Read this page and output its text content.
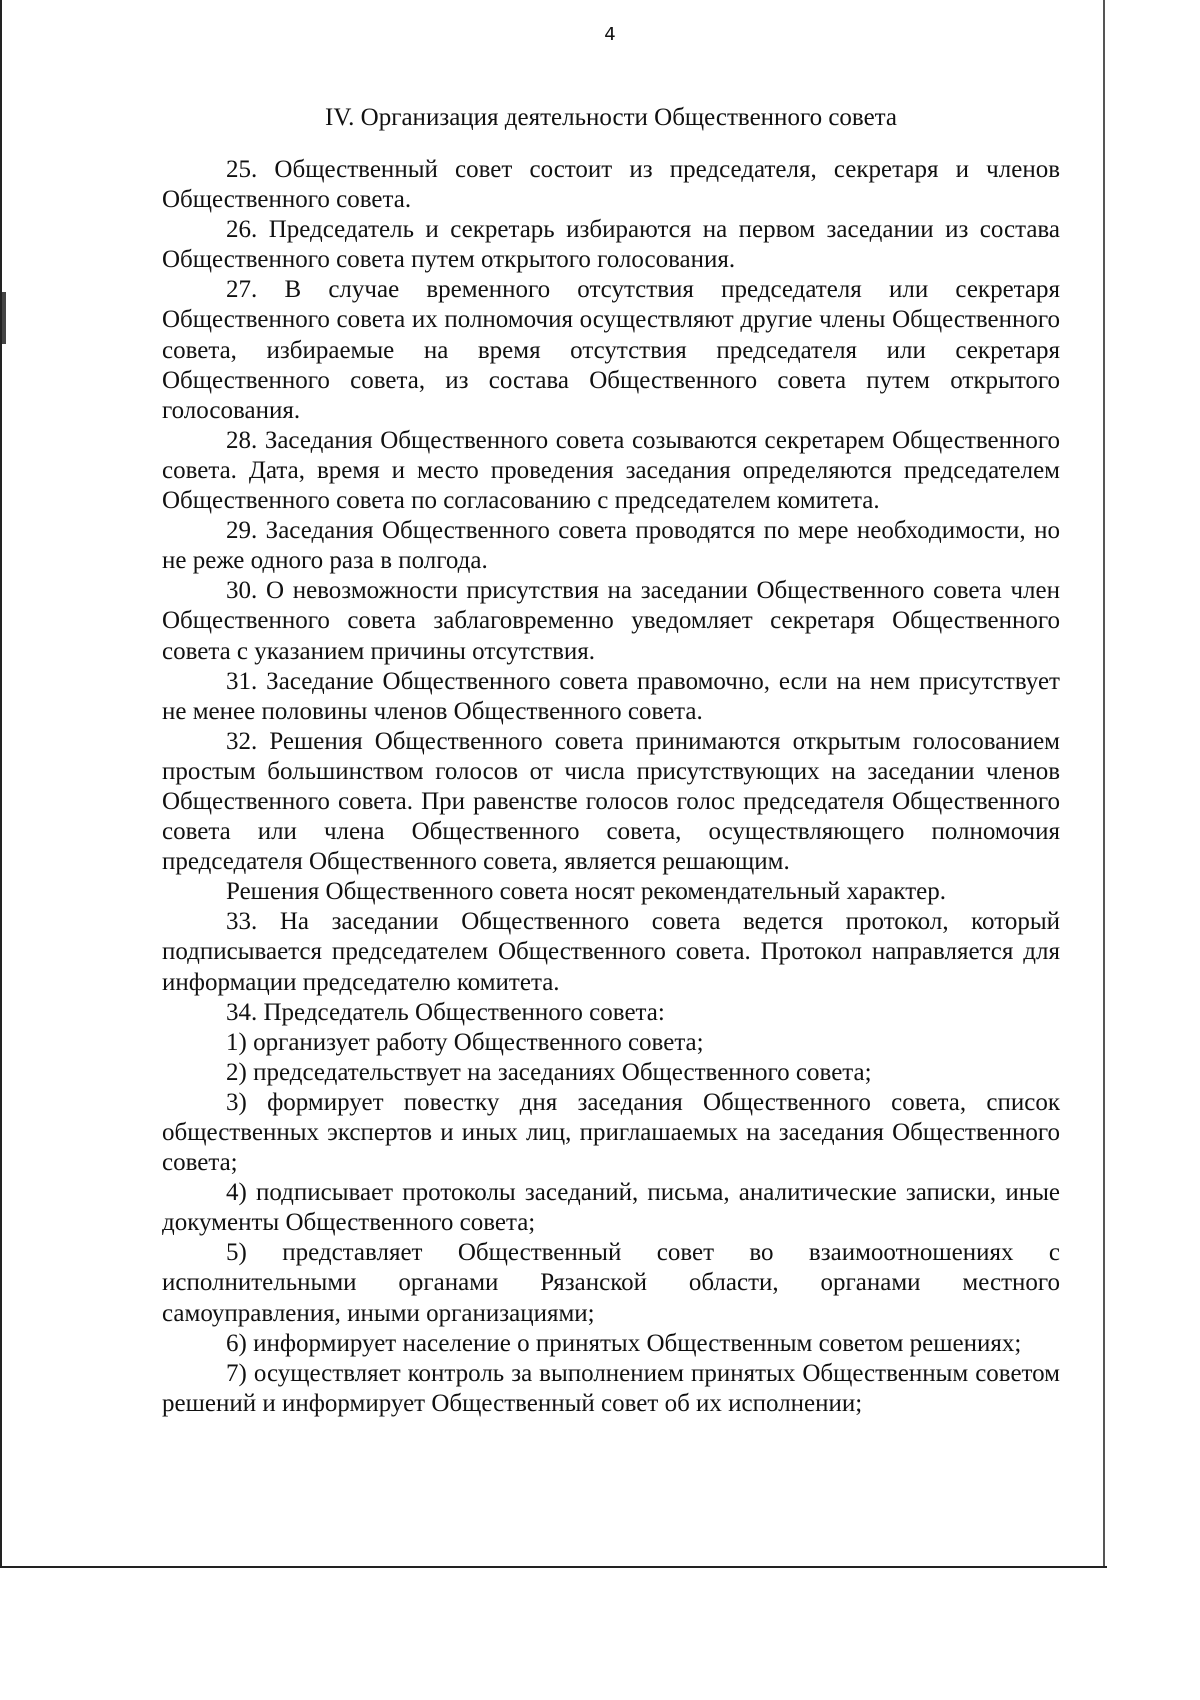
4
IV. Организация деятельности Общественного совета

25. Общественный совет состоит из председателя, секретаря и членов Общественного совета.

26. Председатель и секретарь избираются на первом заседании из состава Общественного совета путем открытого голосования.

27. В случае временного отсутствия председателя или секретаря Общественного совета их полномочия осуществляют другие члены Общественного совета, избираемые на время отсутствия председателя или секретаря Общественного совета, из состава Общественного совета путем открытого голосования.

28. Заседания Общественного совета созываются секретарем Общественного совета. Дата, время и место проведения заседания определяются председателем Общественного совета по согласованию с председателем комитета.

29. Заседания Общественного совета проводятся по мере необходимости, но не реже одного раза в полгода.

30. О невозможности присутствия на заседании Общественного совета член Общественного совета заблаговременно уведомляет секретаря Общественного совета с указанием причины отсутствия.

31. Заседание Общественного совета правомочно, если на нем присутствует не менее половины членов Общественного совета.

32. Решения Общественного совета принимаются открытым голосованием простым большинством голосов от числа присутствующих на заседании членов Общественного совета. При равенстве голосов голос председателя Общественного совета или члена Общественного совета, осуществляющего полномочия председателя Общественного совета, является решающим.

Решения Общественного совета носят рекомендательный характер.

33. На заседании Общественного совета ведется протокол, который подписывается председателем Общественного совета. Протокол направляется для информации председателю комитета.

34. Председатель Общественного совета:

1) организует работу Общественного совета;

2) председательствует на заседаниях Общественного совета;

3) формирует повестку дня заседания Общественного совета, список общественных экспертов и иных лиц, приглашаемых на заседания Общественного совета;

4) подписывает протоколы заседаний, письма, аналитические записки, иные документы Общественного совета;

5) представляет Общественный совет во взаимоотношениях с исполнительными органами Рязанской области, органами местного самоуправления, иными организациями;

6) информирует население о принятых Общественным советом решениях;

7) осуществляет контроль за выполнением принятых Общественным советом решений и информирует Общественный совет об их исполнении;
